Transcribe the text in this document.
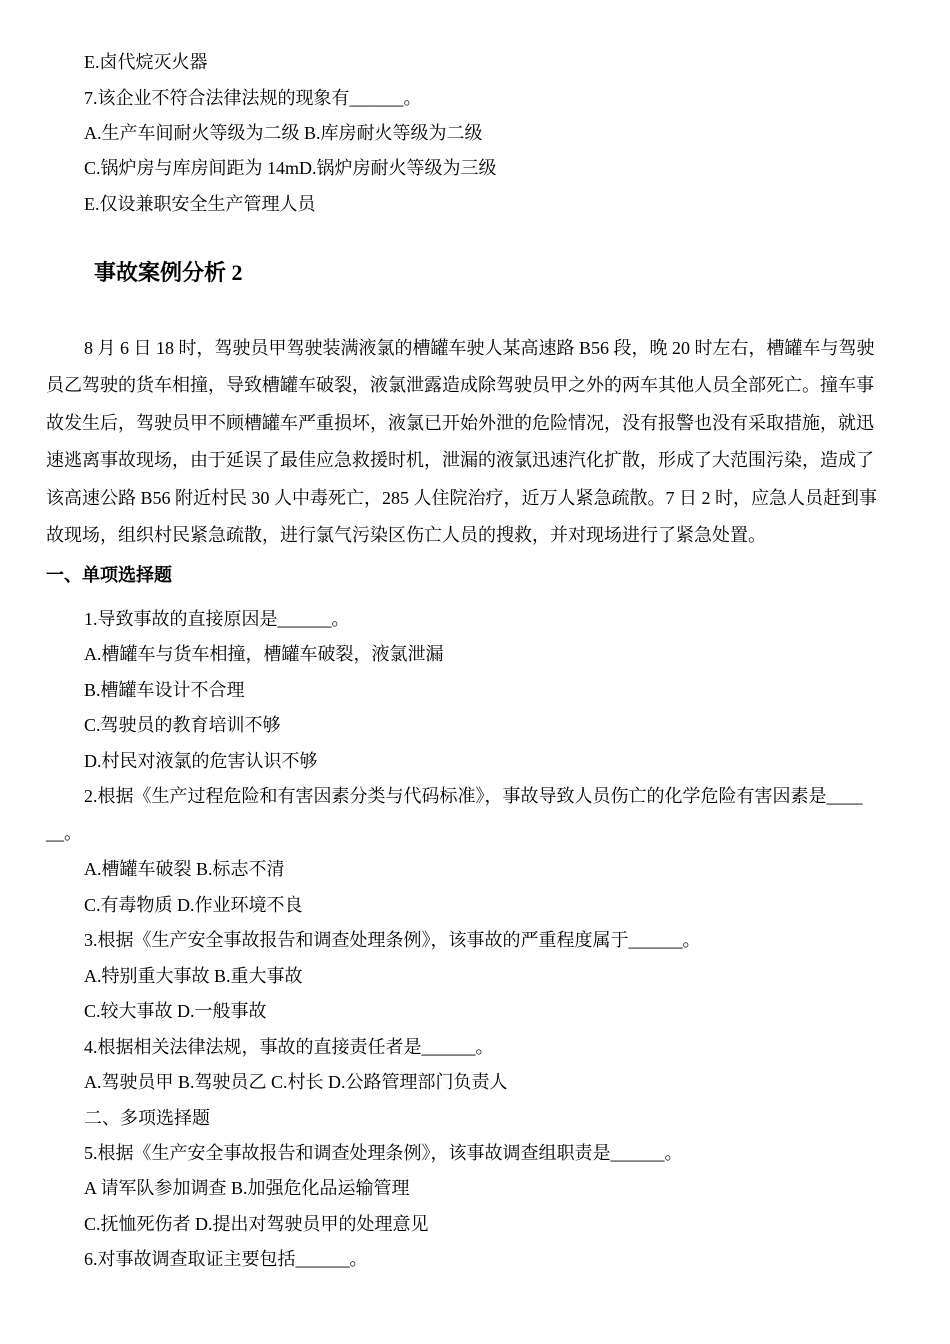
E.卤代烷灭火器
7.该企业不符合法律法规的现象有______。
A.生产车间耐火等级为二级 B.库房耐火等级为二级
C.锅炉房与库房间距为 14mD.锅炉房耐火等级为三级
E.仅设兼职安全生产管理人员
事故案例分析 2
8 月 6 日 18 时，驾驶员甲驾驶装满液氯的槽罐车驶人某高速路 B56 段，晚 20 时左右，槽罐车与驾驶
员乙驾驶的货车相撞，导致槽罐车破裂，液氯泄露造成除驾驶员甲之外的两车其他人员全部死亡。撞车事
故发生后，驾驶员甲不顾槽罐车严重损坏，液氯已开始外泄的危险情况，没有报警也没有采取措施，就迅
速逃离事故现场，由于延误了最佳应急救援时机，泄漏的液氯迅速汽化扩散，形成了大范围污染，造成了
该高速公路 B56 附近村民 30 人中毒死亡，285 人住院治疗，近万人紧急疏散。7 日 2 时，应急人员赶到事
故现场，组织村民紧急疏散，进行氯气污染区伤亡人员的搜救，并对现场进行了紧急处置。
一、单项选择题
1.导致事故的直接原因是______。
A.槽罐车与货车相撞，槽罐车破裂，液氯泄漏
B.槽罐车设计不合理
C.驾驶员的教育培训不够
D.村民对液氯的危害认识不够
2.根据《生产过程危险和有害因素分类与代码标准》，事故导致人员伤亡的化学危险有害因素是____
__。
A.槽罐车破裂 B.标志不清
C.有毒物质 D.作业环境不良
3.根据《生产安全事故报告和调查处理条例》，该事故的严重程度属于______。
A.特别重大事故 B.重大事故
C.较大事故 D.一般事故
4.根据相关法律法规，事故的直接责任者是______。
A.驾驶员甲 B.驾驶员乙 C.村长 D.公路管理部门负责人
二、多项选择题
5.根据《生产安全事故报告和调查处理条例》，该事故调查组职责是______。
A 请军队参加调查 B.加强危化品运输管理
C.抚恤死伤者 D.提出对驾驶员甲的处理意见
6.对事故调查取证主要包括______。
